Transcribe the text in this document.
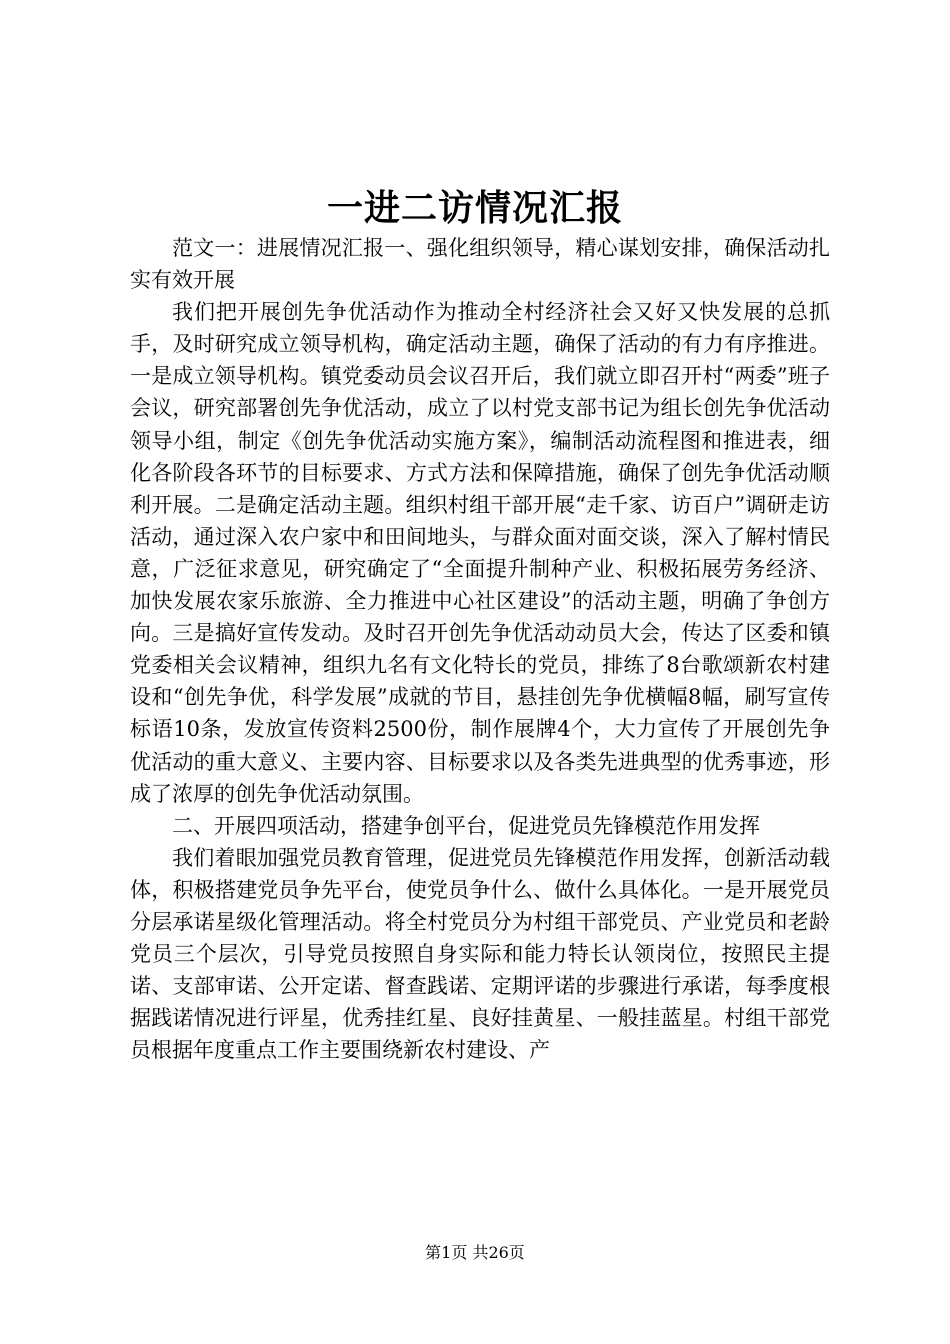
一进二访情况汇报

范文一：进展情况汇报一、强化组织领导，精心谋划安排，确保活动扎实有效开展

我们把开展创先争优活动作为推动全村经济社会又好又快发展的总抓手，及时研究成立领导机构，确定活动主题，确保了活动的有力有序推进。一是成立领导机构。镇党委动员会议召开后，我们就立即召开村“两委”班子会议，研究部署创先争优活动，成立了以村党支部书记为组长创先争优活动领导小组，制定《创先争优活动实施方案》，编制活动流程图和推进表，细化各阶段各环节的目标要求、方式方法和保障措施，确保了创先争优活动顺利开展。二是确定活动主题。组织村组干部开展“走千家、访百户”调研走访活动，通过深入农户家中和田间地头，与群众面对面交谈，深入了解村情民意，广泛征求意见，研究确定了“全面提升制种产业、积极拓展劳务经济、加快发展农家乐旅游、全力推进中心社区建设”的活动主题，明确了争创方向。三是搞好宣传发动。及时召开创先争优活动动员大会，传达了区委和镇党委相关会议精神，组织九名有文化特长的党员，排练了8台歌颂新农村建设和“创先争优，科学发展”成就的节目，悬挂创先争优横幅8幅，刷写宣传标语10条，发放宣传资料2500份，制作展牌4个，大力宣传了开展创先争优活动的重大意义、主要内容、目标要求以及各类先进典型的优秀事迹，形成了浓厚的创先争优活动氛围。

二、开展四项活动，搭建争创平台，促进党员先锋模范作用发挥

我们着眼加强党员教育管理，促进党员先锋模范作用发挥，创新活动载体，积极搭建党员争先平台，使党员争什么、做什么具体化。一是开展党员分层承诺星级化管理活动。将全村党员分为村组干部党员、产业党员和老龄党员三个层次，引导党员按照自身实际和能力特长认领岗位，按照民主提诺、支部审诺、公开定诺、督查践诺、定期评诺的步骤进行承诺，每季度根据践诺情况进行评星，优秀挂红星、良好挂黄星、一般挂蓝星。村组干部党员根据年度重点工作主要围绕新农村建设、产

第1页 共26页
